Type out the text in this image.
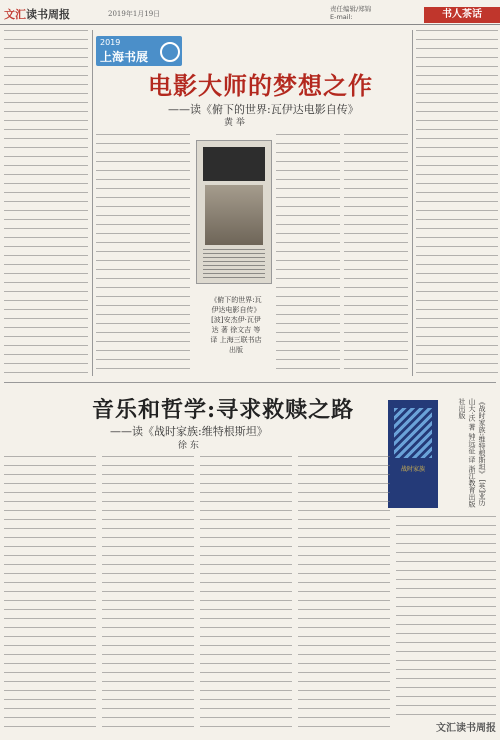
文汇读书周报	2019年1月19日
责任编辑/郑锦
E-mail:	书人茶话
2019
上海书展
电影大师的梦想之作
——读《俯下的世界:瓦伊达电影自传》
黄 举
《俯下的世界:瓦伊达电影自传》 [波]安杰伊·瓦伊达 著 徐文吉 等 译 上海三联书店出版
音乐和哲学:寻求救赎之路
——读《战时家族:维特根斯坦》
徐 东
战时家族	《战时家族:维特根斯坦》 [英]亚历山大·沃 著 钟远征 译 浙江教育出版社出版
文汇读书周报
